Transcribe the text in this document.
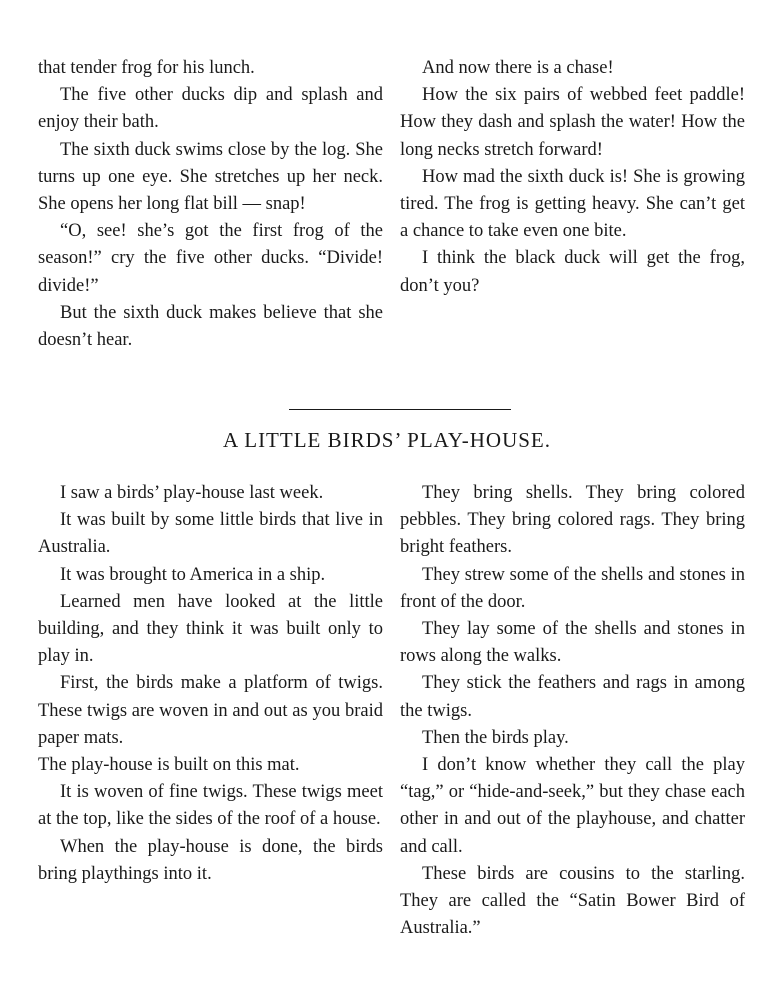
that tender frog for his lunch.

The five other ducks dip and splash and enjoy their bath.

The sixth duck swims close by the log. She turns up one eye. She stretches up her neck. She opens her long flat bill — snap!

“O, see! she’s got the first frog of the season!” cry the five other ducks. “Divide! divide!”

But the sixth duck makes believe that she doesn’t hear.

And now there is a chase!

How the six pairs of webbed feet paddle! How they dash and splash the water! How the long necks stretch forward!

How mad the sixth duck is! She is growing tired. The frog is getting heavy. She can’t get a chance to take even one bite.

I think the black duck will get the frog, don’t you?

A LITTLE BIRDS’ PLAY-HOUSE.

I saw a birds’ play-house last week.

It was built by some little birds that live in Australia.

It was brought to America in a ship.

Learned men have looked at the little building, and they think it was built only to play in.

First, the birds make a platform of twigs. These twigs are woven in and out as you braid paper mats.

The play-house is built on this mat.

It is woven of fine twigs. These twigs meet at the top, like the sides of the roof of a house.

When the play-house is done, the birds bring playthings into it.

They bring shells. They bring colored pebbles. They bring colored rags. They bring bright feathers.

They strew some of the shells and stones in front of the door.

They lay some of the shells and stones in rows along the walks.

They stick the feathers and rags in among the twigs.

Then the birds play.

I don’t know whether they call the play “tag,” or “hide-and-seek,” but they chase each other in and out of the playhouse, and chatter and call.

These birds are cousins to the starling. They are called the “Satin Bower Bird of Australia.”
